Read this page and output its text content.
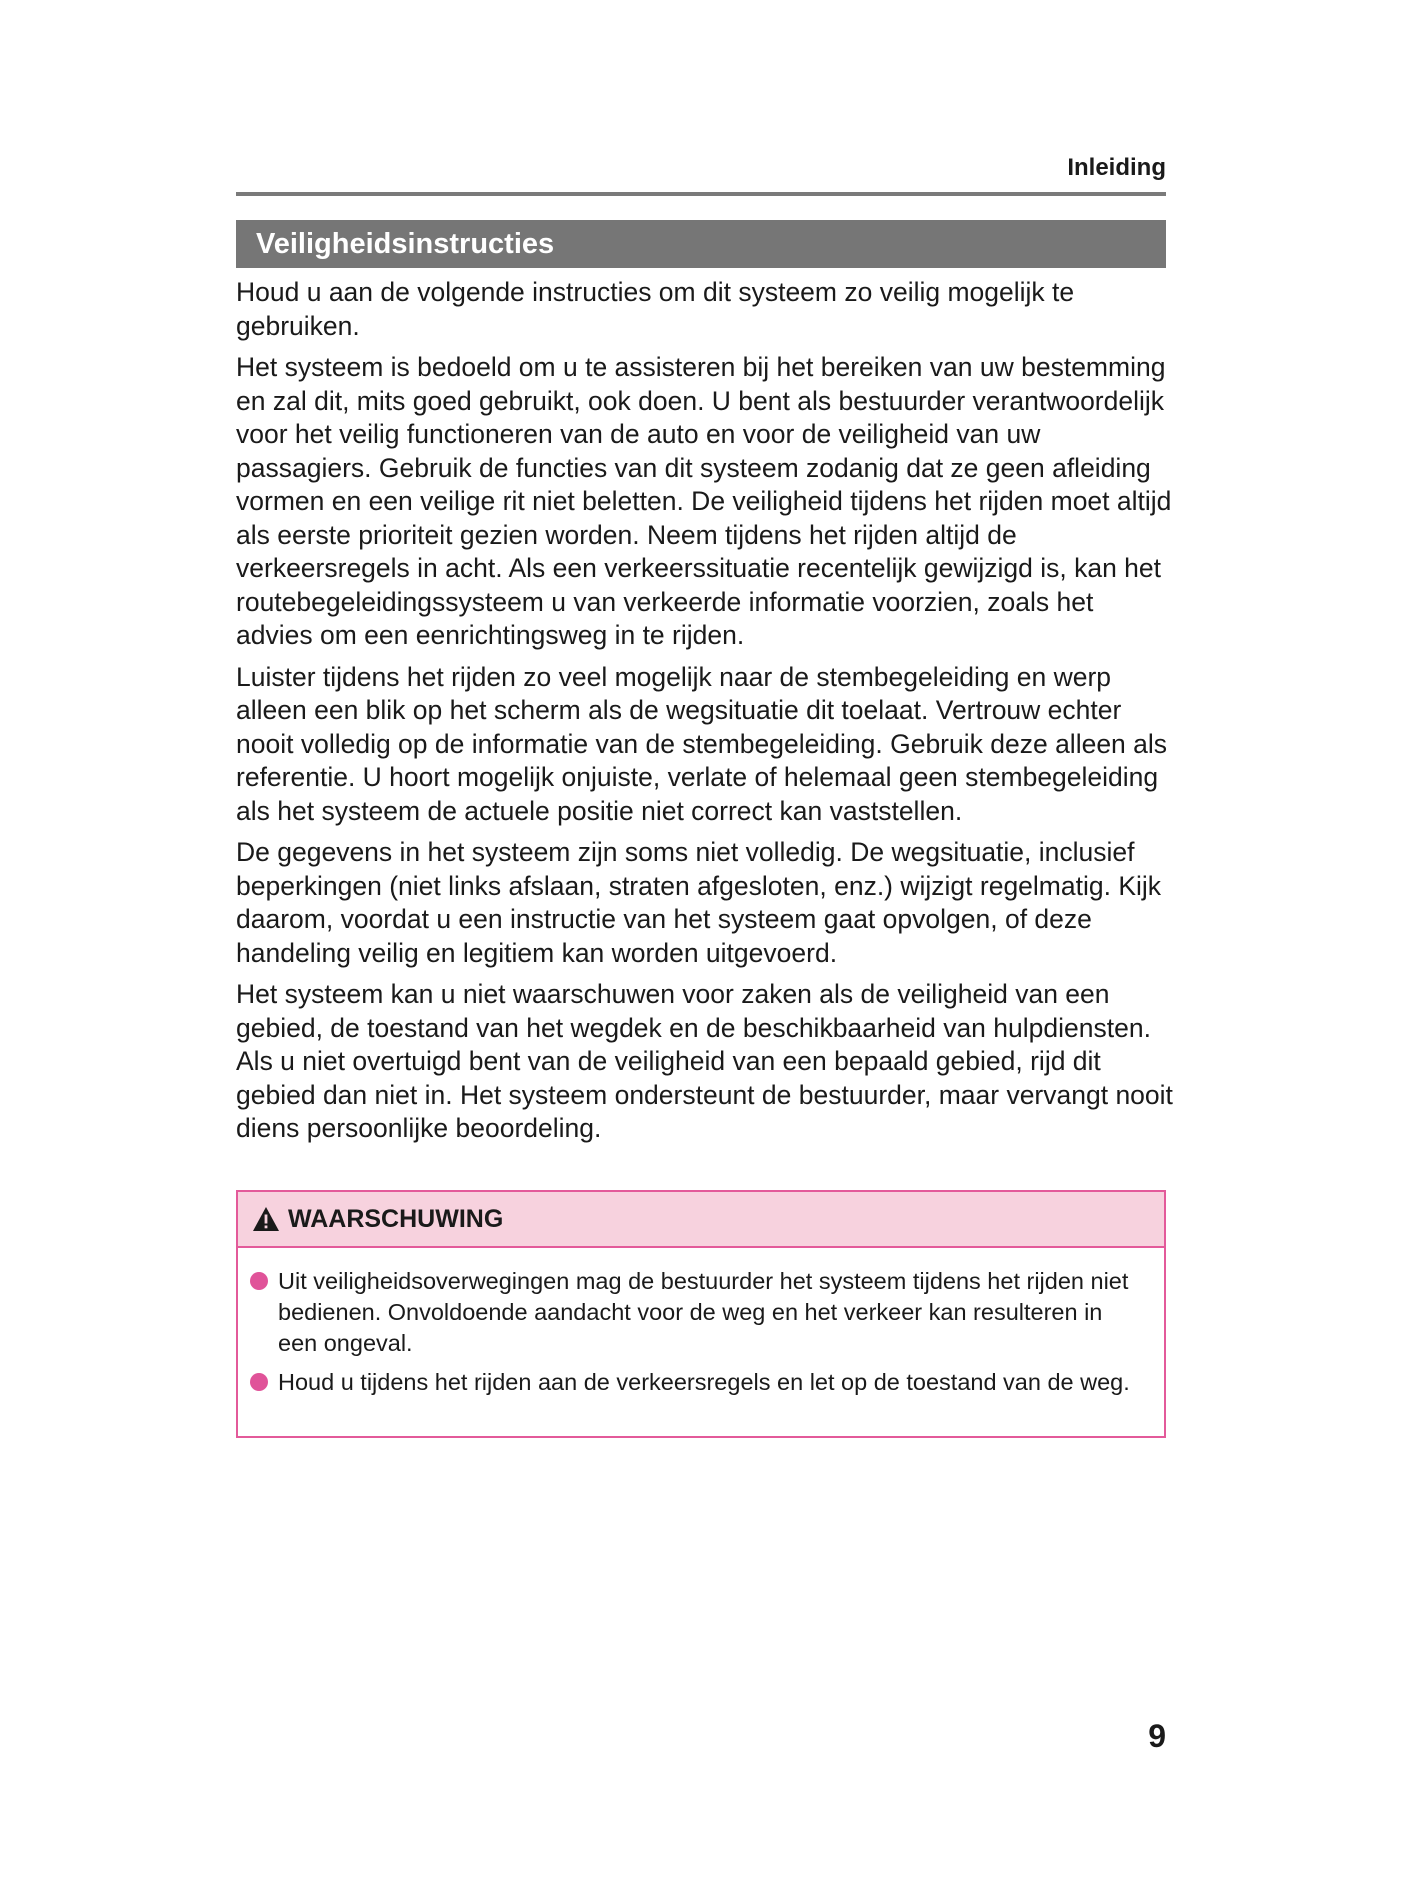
Inleiding
Veiligheidsinstructies

Houd u aan de volgende instructies om dit systeem zo veilig mogelijk te gebruiken.

Het systeem is bedoeld om u te assisteren bij het bereiken van uw bestemming en zal dit, mits goed gebruikt, ook doen. U bent als bestuurder verantwoordelijk voor het veilig functioneren van de auto en voor de veiligheid van uw passagiers. Gebruik de functies van dit systeem zodanig dat ze geen afleiding vormen en een veilige rit niet beletten. De veiligheid tijdens het rijden moet altijd als eerste prioriteit gezien worden. Neem tijdens het rijden altijd de verkeersregels in acht. Als een verkeerssituatie recentelijk gewijzigd is, kan het routebegeleidingssysteem u van verkeerde informatie voorzien, zoals het advies om een eenrichtingsweg in te rijden.

Luister tijdens het rijden zo veel mogelijk naar de stembegeleiding en werp alleen een blik op het scherm als de wegsituatie dit toelaat. Vertrouw echter nooit volledig op de informatie van de stembegeleiding. Gebruik deze alleen als referentie. U hoort mogelijk onjuiste, verlate of helemaal geen stembegeleiding als het systeem de actuele positie niet correct kan vaststellen.

De gegevens in het systeem zijn soms niet volledig. De wegsituatie, inclusief beperkingen (niet links afslaan, straten afgesloten, enz.) wijzigt regelmatig. Kijk daarom, voordat u een instructie van het systeem gaat opvolgen, of deze handeling veilig en legitiem kan worden uitgevoerd.

Het systeem kan u niet waarschuwen voor zaken als de veiligheid van een gebied, de toestand van het wegdek en de beschikbaarheid van hulpdiensten. Als u niet overtuigd bent van de veiligheid van een bepaald gebied, rijd dit gebied dan niet in. Het systeem ondersteunt de bestuurder, maar vervangt nooit diens persoonlijke beoordeling.

WAARSCHUWING
Uit veiligheidsoverwegingen mag de bestuurder het systeem tijdens het rijden niet bedienen. Onvoldoende aandacht voor de weg en het verkeer kan resulteren in een ongeval.
Houd u tijdens het rijden aan de verkeersregels en let op de toestand van de weg.
9
